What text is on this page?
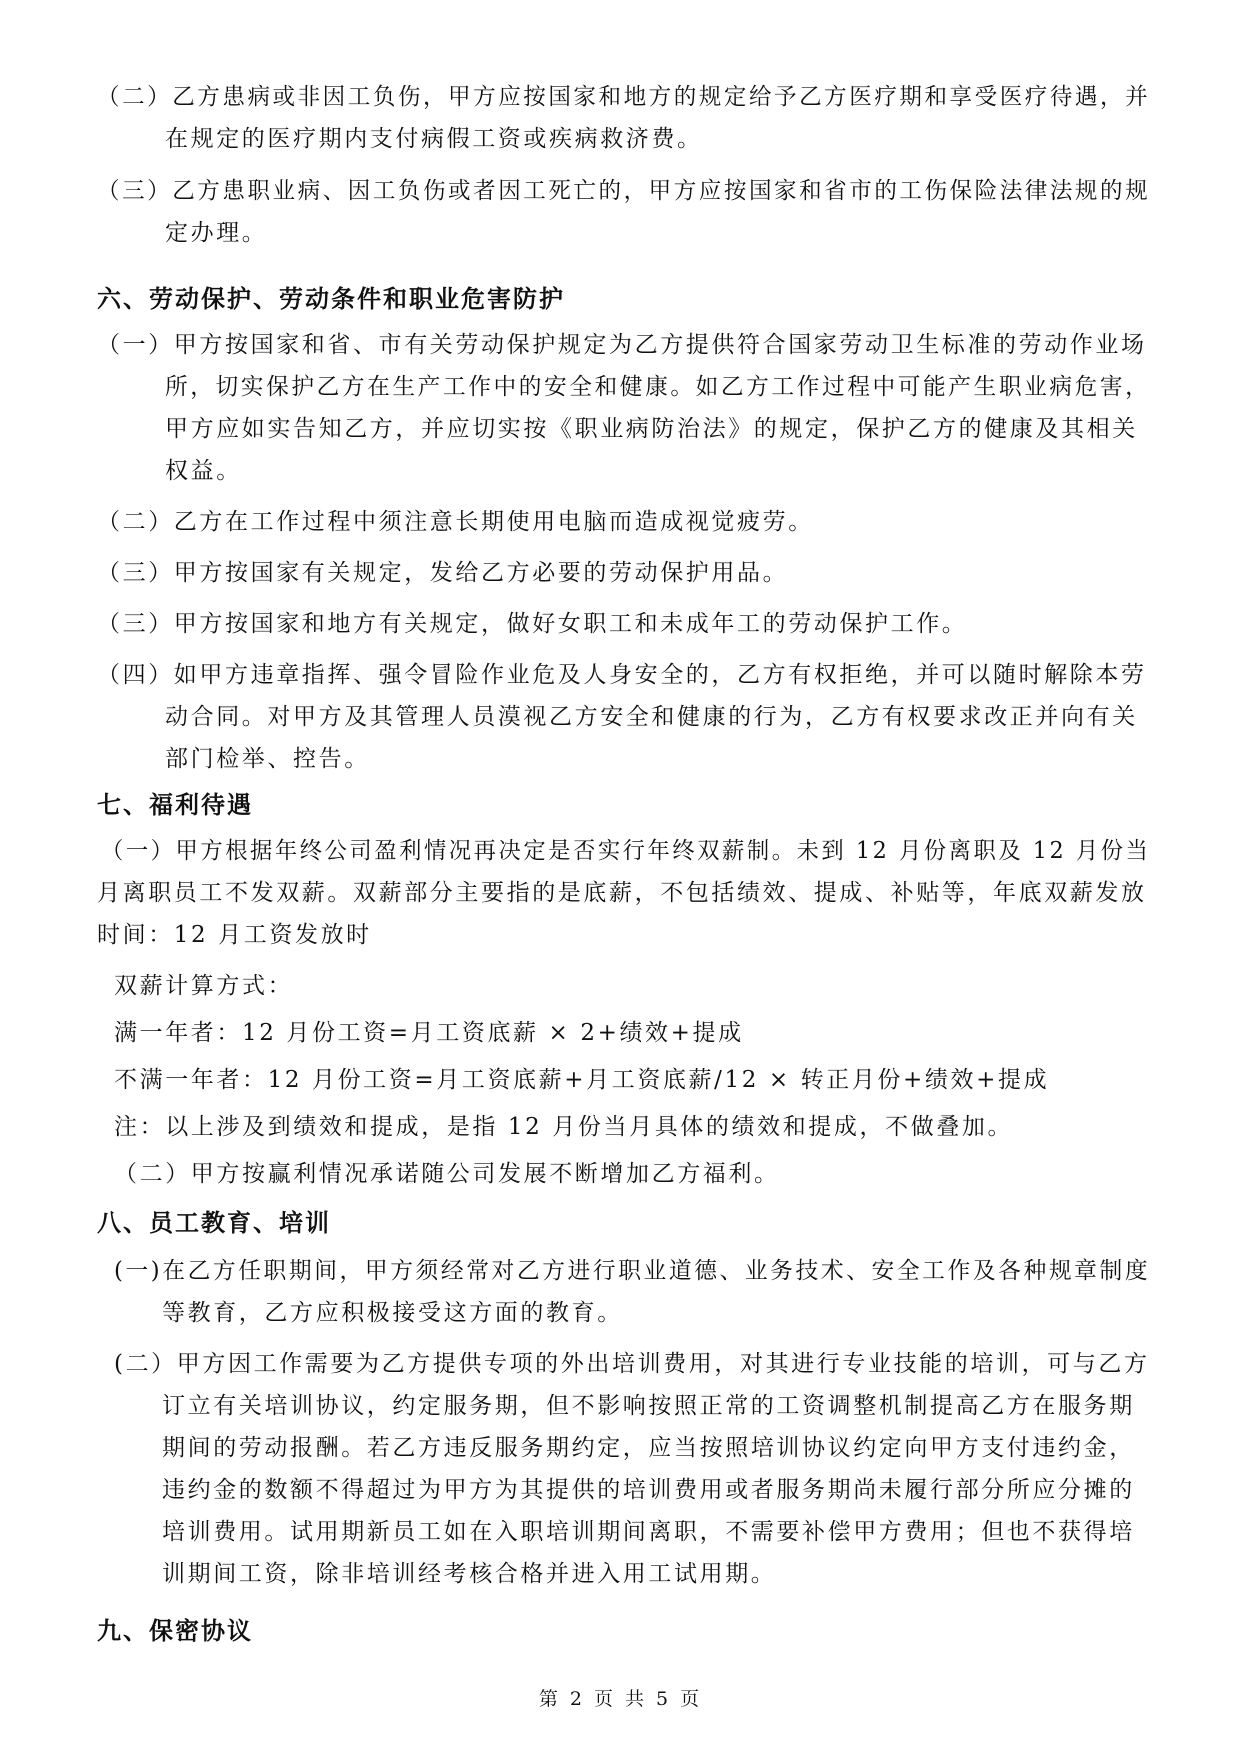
（二）乙方患病或非因工负伤，甲方应按国家和地方的规定给予乙方医疗期和享受医疗待遇，并
在规定的医疗期内支付病假工资或疾病救济费。
（三）乙方患职业病、因工负伤或者因工死亡的，甲方应按国家和省市的工伤保险法律法规的规
定办理。
六、劳动保护、劳动条件和职业危害防护
（一）甲方按国家和省、市有关劳动保护规定为乙方提供符合国家劳动卫生标准的劳动作业场
所，切实保护乙方在生产工作中的安全和健康。如乙方工作过程中可能产生职业病危害，
甲方应如实告知乙方，并应切实按《职业病防治法》的规定，保护乙方的健康及其相关
权益。
（二）乙方在工作过程中须注意长期使用电脑而造成视觉疲劳。
（三）甲方按国家有关规定，发给乙方必要的劳动保护用品。
（三）甲方按国家和地方有关规定，做好女职工和未成年工的劳动保护工作。
（四）如甲方违章指挥、强令冒险作业危及人身安全的，乙方有权拒绝，并可以随时解除本劳
动合同。对甲方及其管理人员漠视乙方安全和健康的行为，乙方有权要求改正并向有关
部门检举、控告。
七、福利待遇
（一）甲方根据年终公司盈利情况再决定是否实行年终双薪制。未到 12 月份离职及 12 月份当
月离职员工不发双薪。双薪部分主要指的是底薪，不包括绩效、提成、补贴等，年底双薪发放
时间：12 月工资发放时
双薪计算方式：
满一年者：12 月份工资=月工资底薪 × 2+绩效+提成
不满一年者：12 月份工资=月工资底薪+月工资底薪/12 × 转正月份+绩效+提成
注：以上涉及到绩效和提成，是指 12 月份当月具体的绩效和提成，不做叠加。
（二）甲方按赢利情况承诺随公司发展不断增加乙方福利。
八、员工教育、培训
(一)在乙方任职期间，甲方须经常对乙方进行职业道德、业务技术、安全工作及各种规章制度
等教育，乙方应积极接受这方面的教育。
(二）甲方因工作需要为乙方提供专项的外出培训费用，对其进行专业技能的培训，可与乙方
订立有关培训协议，约定服务期，但不影响按照正常的工资调整机制提高乙方在服务期
期间的劳动报酬。若乙方违反服务期约定，应当按照培训协议约定向甲方支付违约金，
违约金的数额不得超过为甲方为其提供的培训费用或者服务期尚未履行部分所应分摊的
培训费用。试用期新员工如在入职培训期间离职，不需要补偿甲方费用；但也不获得培
训期间工资，除非培训经考核合格并进入用工试用期。
九、保密协议
第 2 页 共 5 页
